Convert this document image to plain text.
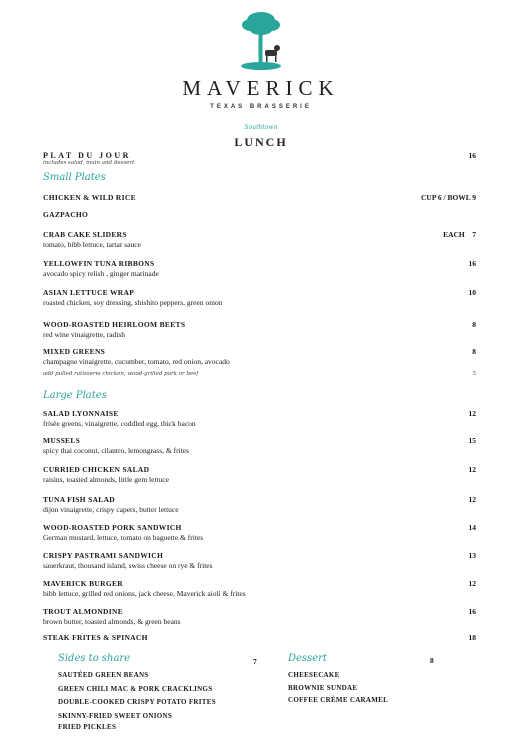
MAVERICK
TEXAS BRASSERIE
Southtown
LUNCH
PLAT DU JOUR	16
includes salad, main and dessert
Small Plates
CHICKEN & WILD RICE	CUP 6 / BOWL 9
GAZPACHO
CRAB CAKE SLIDERS	EACH    7
tomato, bibb lettuce, tartar sauce
YELLOWFIN TUNA RIBBONS	16
avocado spicy relish , ginger marinade
ASIAN LETTUCE WRAP	10
roasted chicken, soy dressing, shishito peppers, green onion
WOOD-ROASTED HEIRLOOM BEETS	8
red wine vinaigrette, radish
MIXED GREENS	8
champagne vinaigrette, cucumber, tomato, red onion, avocado
add pulled rotisserie chicken, wood-grilled pork or beef	5
Large Plates
SALAD LYONNAISE	12
frisée greens, vinaigrette, coddled egg, thick bacon
MUSSELS	15
spicy thai coconut, cilantro, lemongrass, & frites
CURRIED CHICKEN SALAD	12
raisins, toasted almonds, little gem lettuce
TUNA FISH SALAD	12
dijon vinaigrette, crispy capers, butter lettuce
WOOD-ROASTED PORK SANDWICH	14
German mustard, lettuce, tomato on baguette & frites
CRISPY PASTRAMI SANDWICH	13
sauerkraut, thousand island, swiss cheese on rye & frites
MAVERICK BURGER	12
bibb lettuce, grilled red onions, jack cheese, Maverick aioli & frites
TROUT ALMONDINE	16
brown butter, toasted almonds, & green beans
STEAK FRITES & SPINACH	18
Sides to share	7
SAUTÉED GREEN BEANS
GREEN CHILI MAC & PORK CRACKLINGS
DOUBLE-COOKED CRISPY POTATO FRITES
SKINNY-FRIED SWEET ONIONS
FRIED PICKLES
Dessert	8
CHEESECAKE
BROWNIE SUNDAE
COFFEE CRÈME CARAMEL
